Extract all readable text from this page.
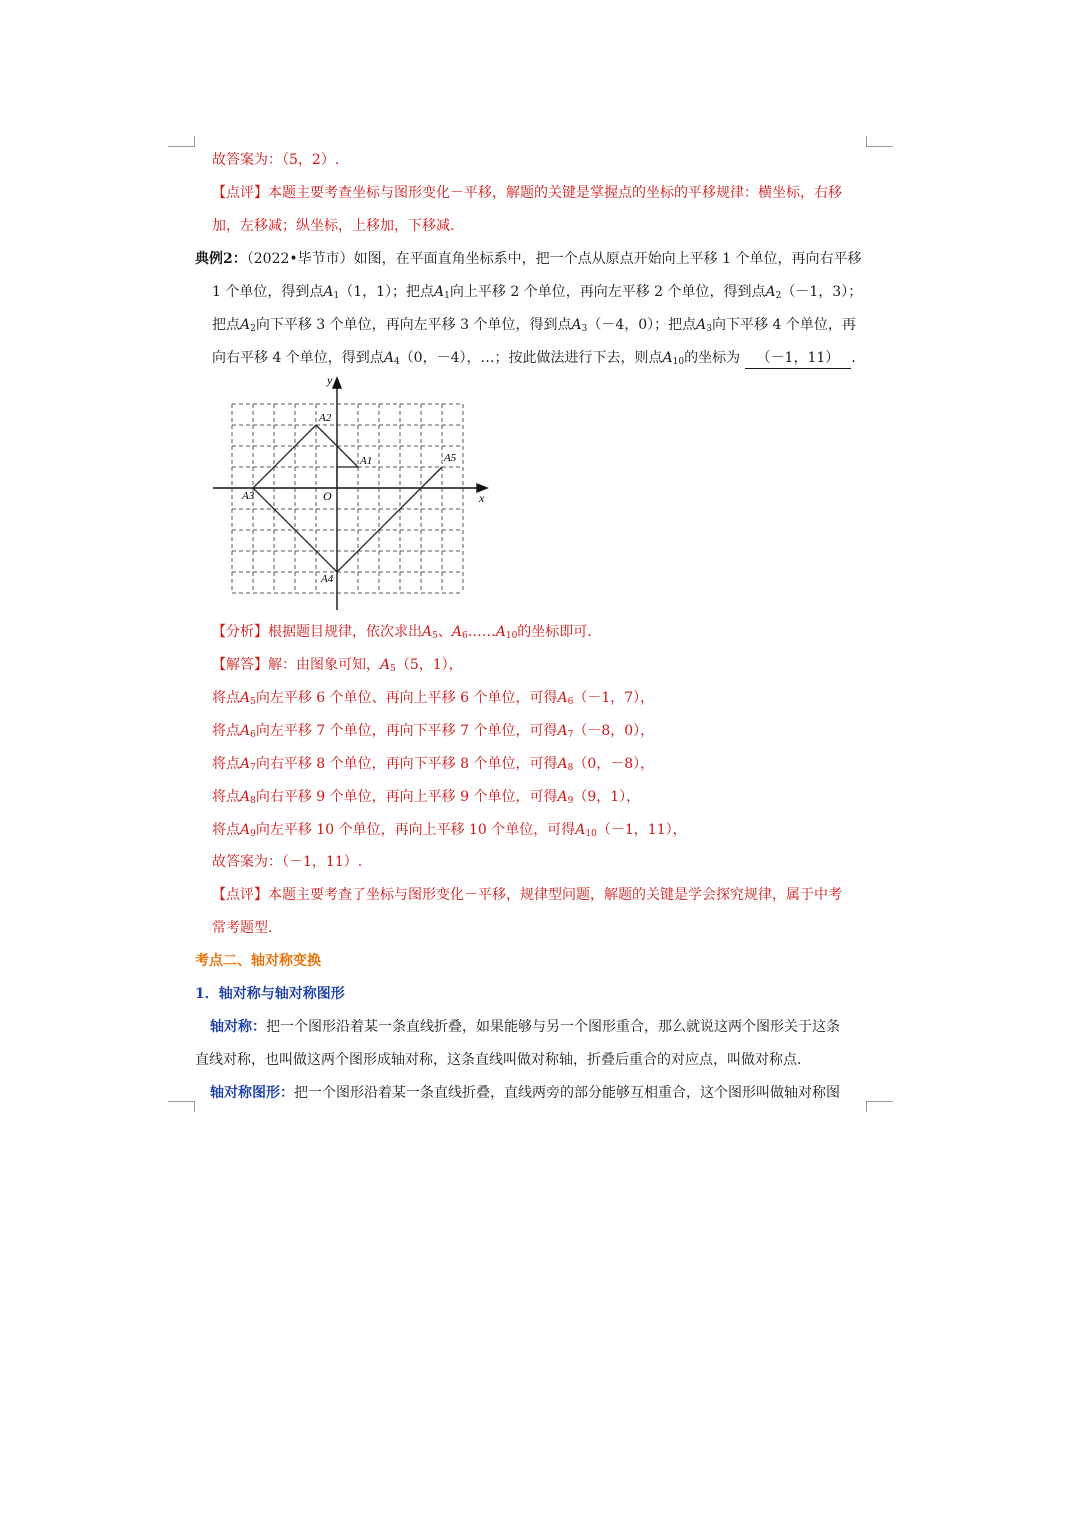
故答案为：（5，2）.
【点评】本题主要考查坐标与图形变化－平移，解题的关键是掌握点的坐标的平移规律：横坐标，右移
加，左移减；纵坐标，上移加，下移减.
典例2：（2022•毕节市）如图，在平面直角坐标系中，把一个点从原点开始向上平移 1 个单位，再向右平移
1 个单位，得到点$A_1(1$，1）；把点$A_1$向上平移 2 个单位，再向左平移 2 个单位，得到点$A_2(-1$，3）；
把点$A_2$向下平移 3 个单位，再向左平移 3 个单位，得到点$A_3(-4$，0）；把点$A_3$向下平移 4 个单位，再
向右平移 4 个单位，得到点$A_4(0$，－4），…；按此做法进行下去，则点$A_{10}$的坐标为 （－1，11） .
y
x
O
A1
A2
A3
A4
A5
【分析】根据题目规律，依次求出$A_5$、$A_6\dots\dots A_{10}$的坐标即可.
【解答】解：由图象可知，$A_5(5$，1），
将点$A_5$向左平移 6 个单位、再向上平移 6 个单位，可得$A_6(-1$，7），
将点$A_6$向左平移 7 个单位，再向下平移 7 个单位，可得$A_7(-8$，0），
将点$A_7$向右平移 8 个单位，再向下平移 8 个单位，可得$A_8(0$，－8），
将点$A_8$向右平移 9 个单位，再向上平移 9 个单位，可得$A_9(9$，1），
将点$A_9$向左平移 10 个单位，再向上平移 10 个单位，可得$A_{10}(-1$，11），
故答案为：（－1，11）.
【点评】本题主要考查了坐标与图形变化－平移，规律型问题，解题的关键是学会探究规律，属于中考
常考题型.
考点二、轴对称变换
1．轴对称与轴对称图形
轴对称：把一个图形沿着某一条直线折叠，如果能够与另一个图形重合，那么就说这两个图形关于这条
直线对称，也叫做这两个图形成轴对称，这条直线叫做对称轴，折叠后重合的对应点，叫做对称点.
轴对称图形：把一个图形沿着某一条直线折叠，直线两旁的部分能够互相重合，这个图形叫做轴对称图
